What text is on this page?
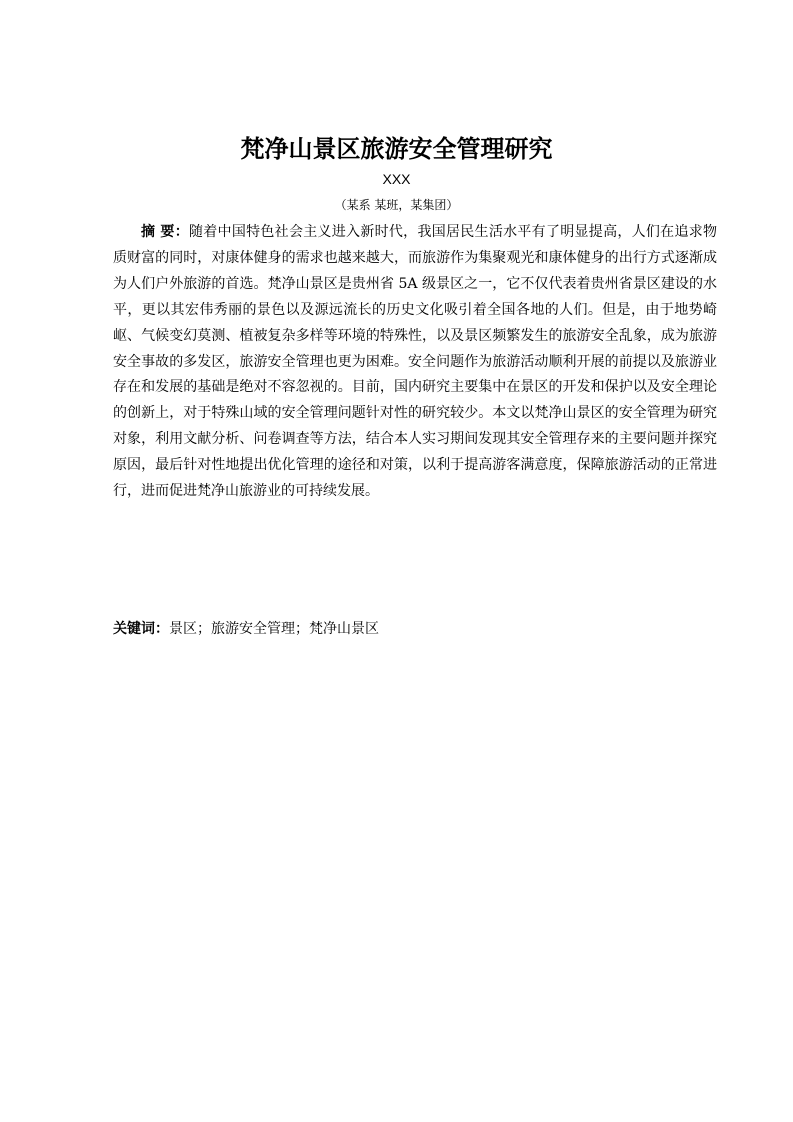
梵净山景区旅游安全管理研究
XXX
（某系 某班，某集团）

摘 要：随着中国特色社会主义进入新时代，我国居民生活水平有了明显提高，人们在追求物质财富的同时，对康体健身的需求也越来越大，而旅游作为集聚观光和康体健身的出行方式逐渐成为人们户外旅游的首选。梵净山景区是贵州省 5A 级景区之一，它不仅代表着贵州省景区建设的水平，更以其宏伟秀丽的景色以及源远流长的历史文化吸引着全国各地的人们。但是，由于地势崎岖、气候变幻莫测、植被复杂多样等环境的特殊性，以及景区频繁发生的旅游安全乱象，成为旅游安全事故的多发区，旅游安全管理也更为困难。安全问题作为旅游活动顺利开展的前提以及旅游业存在和发展的基础是绝对不容忽视的。目前，国内研究主要集中在景区的开发和保护以及安全理论的创新上，对于特殊山域的安全管理问题针对性的研究较少。本文以梵净山景区的安全管理为研究对象，利用文献分析、问卷调查等方法，结合本人实习期间发现其安全管理存来的主要问题并探究原因，最后针对性地提出优化管理的途径和对策，以利于提高游客满意度，保障旅游活动的正常进行，进而促进梵净山旅游业的可持续发展。

关键词：景区；旅游安全管理；梵净山景区
